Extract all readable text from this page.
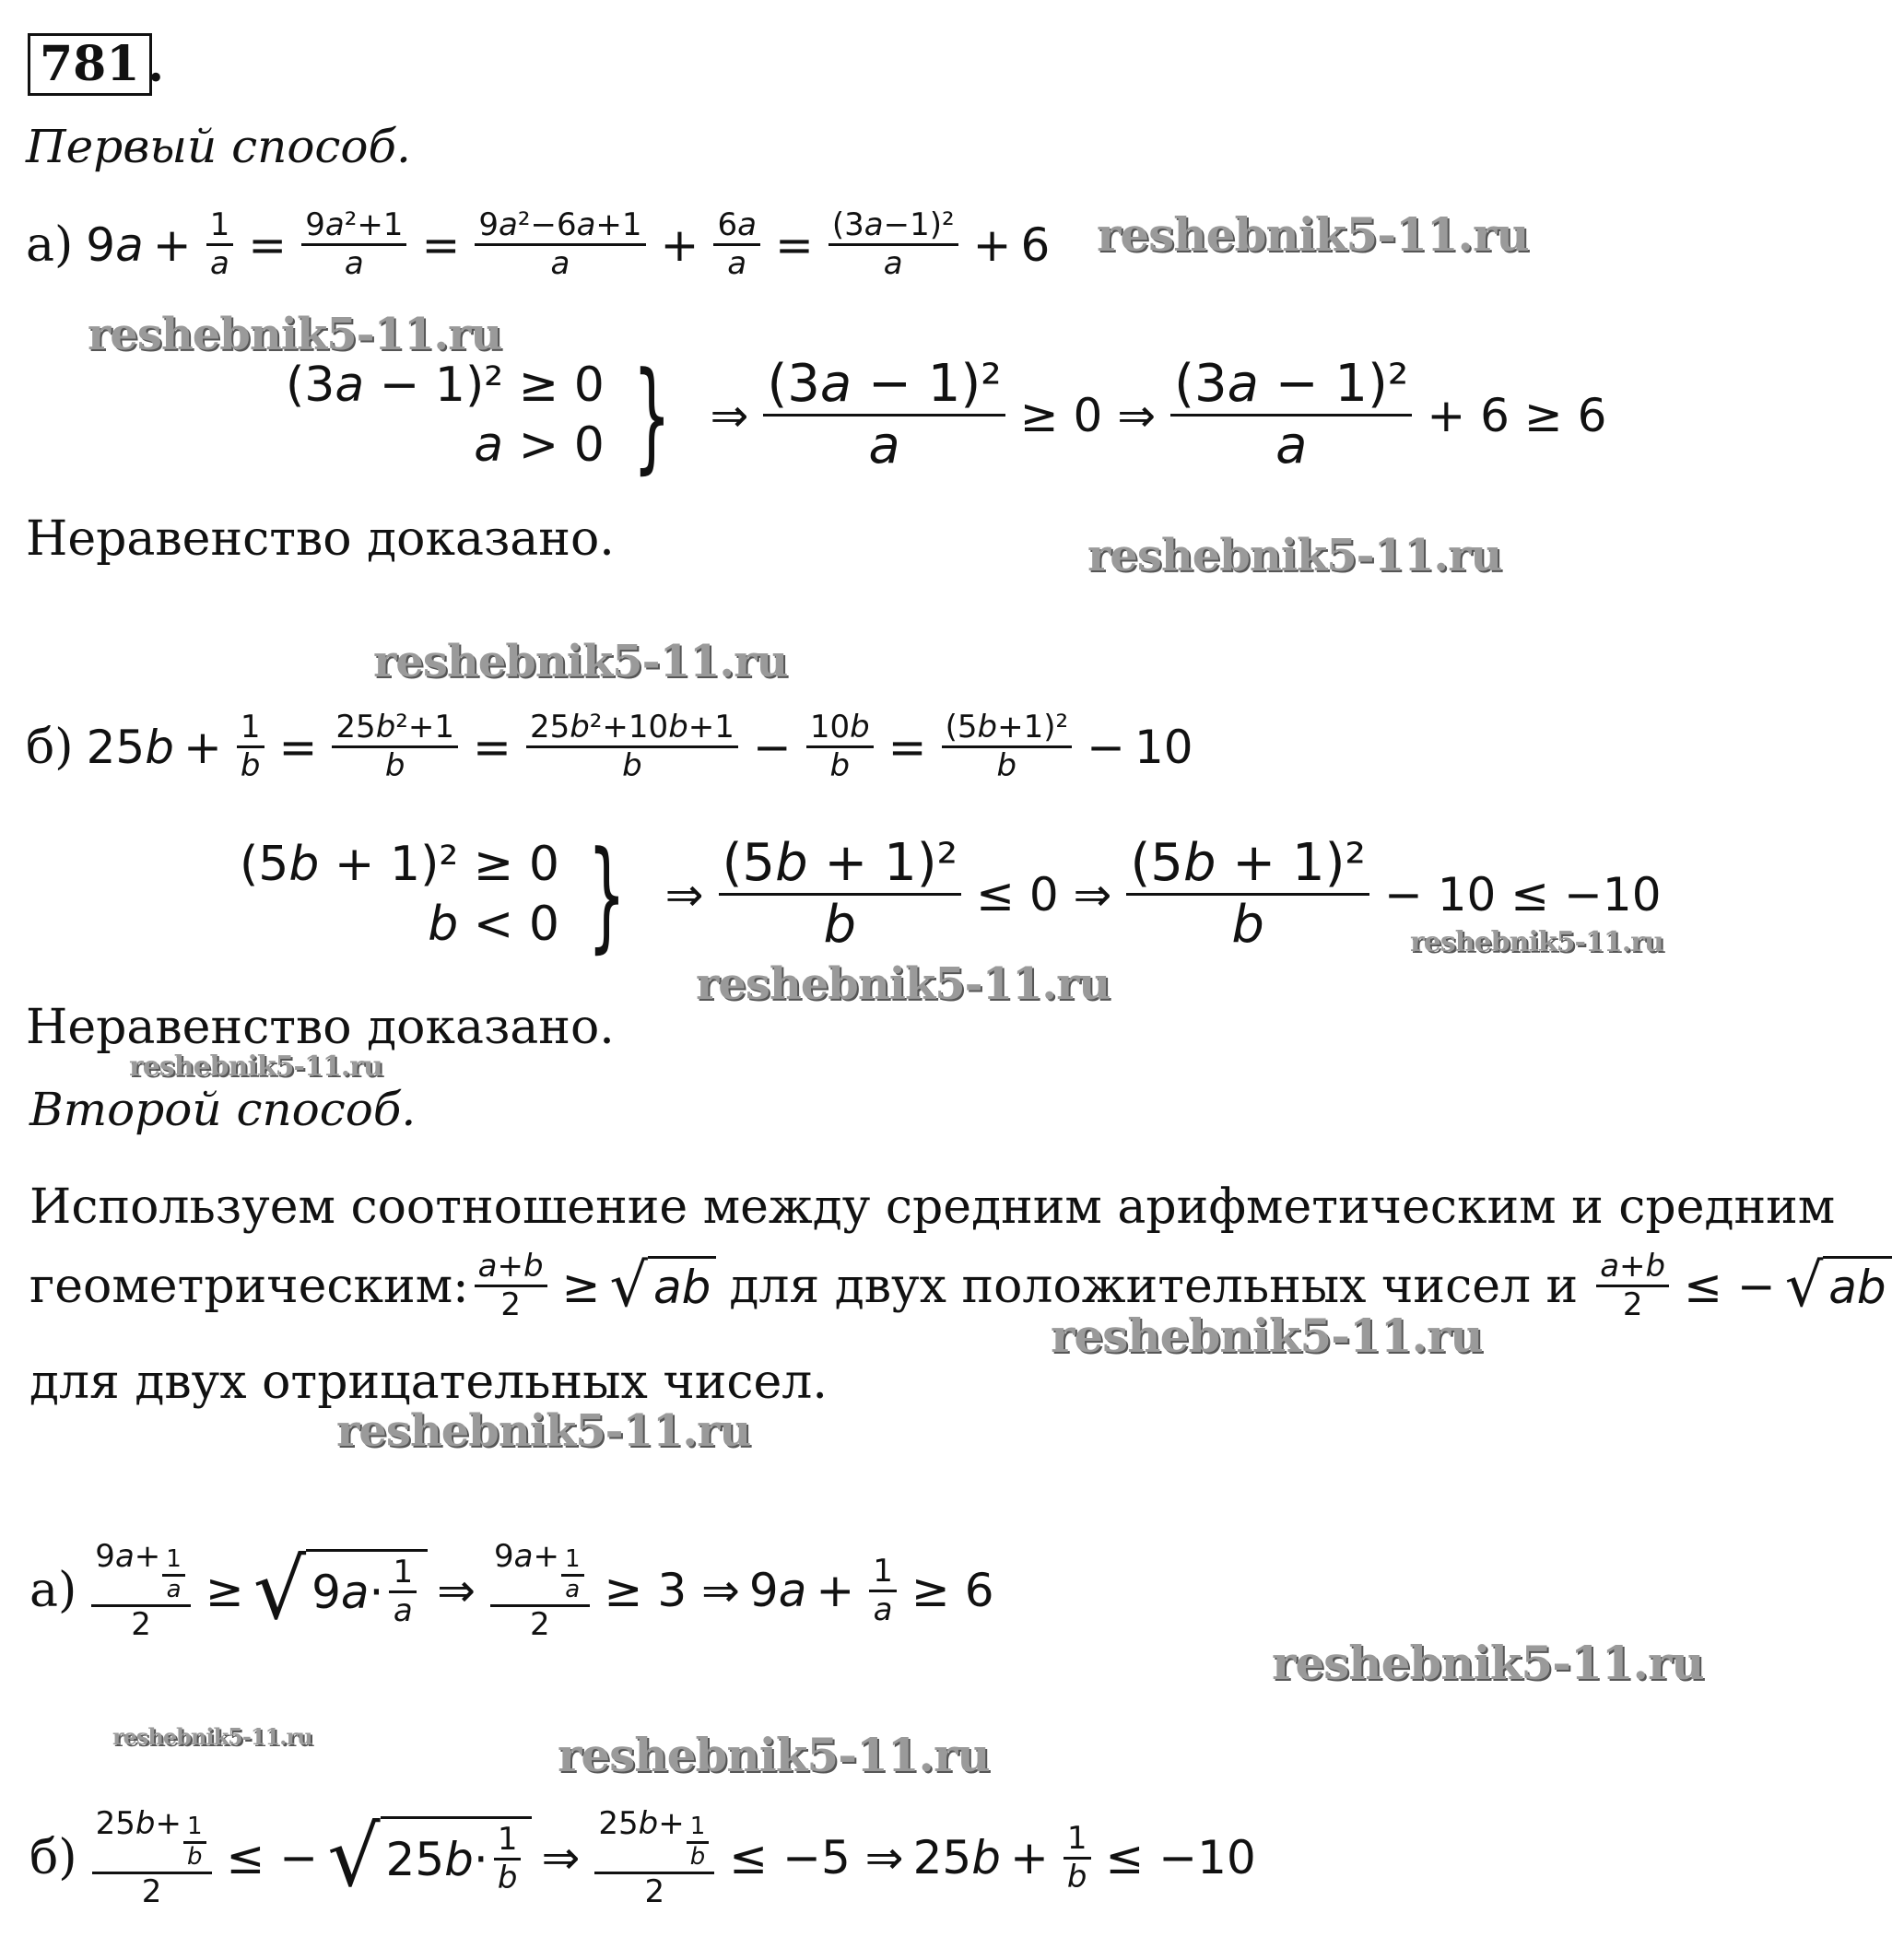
781 .
Первый способ.
а) $9a + \frac{1}{a} = \frac{\text{9a²+1}}{a} = \frac{\text{9a²−6a+1}}{a} + \frac{6a}{a} = \frac{\text{(3a−1)²}}{a} + 6$
(3a − 1)² ≥ 0
a > 0 } ⇒ $\frac{\text{(3a − 1)²}}{a} \ge 0$ ⇒ $\frac{\text{(3a − 1)²}}{a} + 6 \ge 6$
Неравенство доказано.
б) $25b + \frac{1}{b} = \frac{\text{25b²+1}}{b} = \frac{\text{25b²+10b+1}}{b} - \frac{10b}{b} = \frac{\text{(5b+1)²}}{b} - 10$
(5b + 1)² ≥ 0
b < 0 } ⇒ $\frac{\text{(5b + 1)²}}{b} \le 0$ ⇒ $\frac{\text{(5b + 1)²}}{b} - 10 \le -10$
Неравенство доказано.
Второй способ.
Используем соотношение между средним арифметическим и средним
геометрическим: $\frac{a+b}{2}$ ≥ √ ab для двух положительных чисел и $\frac{a+b}{2}$ ≤ − √ ab
для двух отрицательных чисел.
$а) \frac{9a+ \frac{1}{a}}{2}$ ≥ √ 9 $a \cdot \frac{1}{a}$ ⇒ $\frac{9a+ \frac{1}{a}}{2} \ge 3$ ⇒ $9a + \frac{1}{a} \ge 6$
$б) \frac{25b+ \frac{1}{b}}{2}$ ≤ − √ 25 $b \cdot \frac{1}{b}$ ⇒ $\frac{25b+ \frac{1}{b}}{2} \le -5$ ⇒ $25b + \frac{1}{b} \le -10$
reshebnik5-11.ru
reshebnik5-11.ru
reshebnik5-11.ru
reshebnik5-11.ru
reshebnik5-11.ru
reshebnik5-11.ru
reshebnik5-11.ru
reshebnik5-11.ru
reshebnik5-11.ru
reshebnik5-11.ru
reshebnik5-11.ru	reshebnik5-11.ru
